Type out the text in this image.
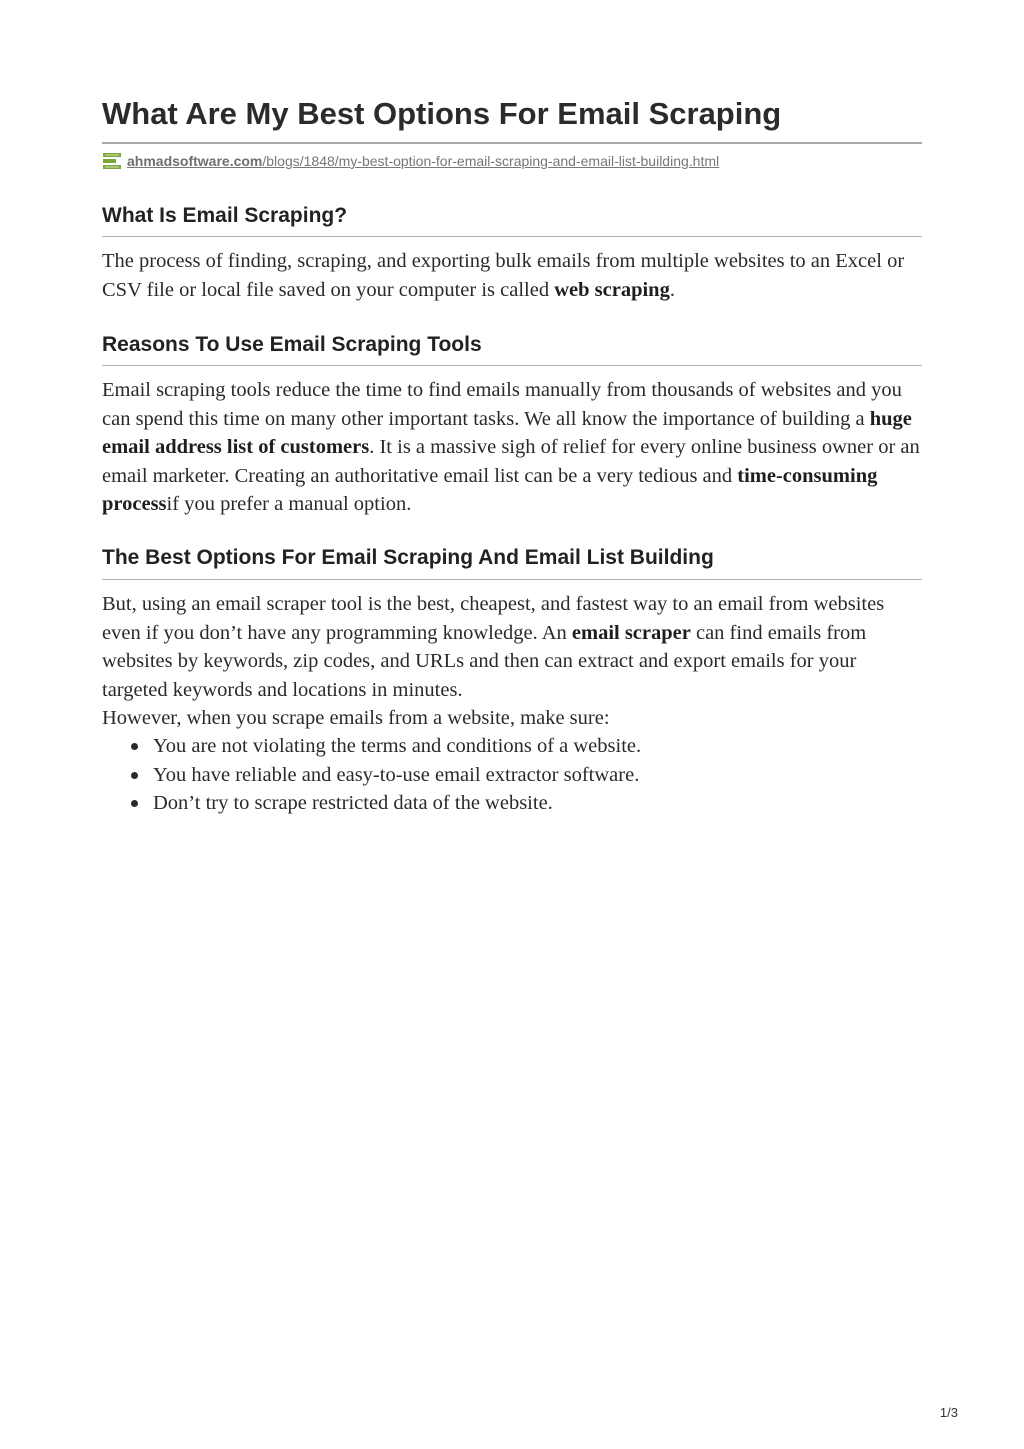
What Are My Best Options For Email Scraping
ahmadsoftware.com/blogs/1848/my-best-option-for-email-scraping-and-email-list-building.html
What Is Email Scraping?

The process of finding, scraping, and exporting bulk emails from multiple websites to an Excel or CSV file or local file saved on your computer is called web scraping.

Reasons To Use Email Scraping Tools

Email scraping tools reduce the time to find emails manually from thousands of websites and you can spend this time on many other important tasks. We all know the importance of building a huge email address list of customers. It is a massive sigh of relief for every online business owner or an email marketer. Creating an authoritative email list can be a very tedious and time-consuming processif you prefer a manual option.

The Best Options For Email Scraping And Email List Building

But, using an email scraper tool is the best, cheapest, and fastest way to an email from websites even if you don’t have any programming knowledge. An email scraper can find emails from websites by keywords, zip codes, and URLs and then can extract and export emails for your targeted keywords and locations in minutes.

However, when you scrape emails from a website, make sure:

You are not violating the terms and conditions of a website.
You have reliable and easy-to-use email extractor software.
Don’t try to scrape restricted data of the website.
1/3
